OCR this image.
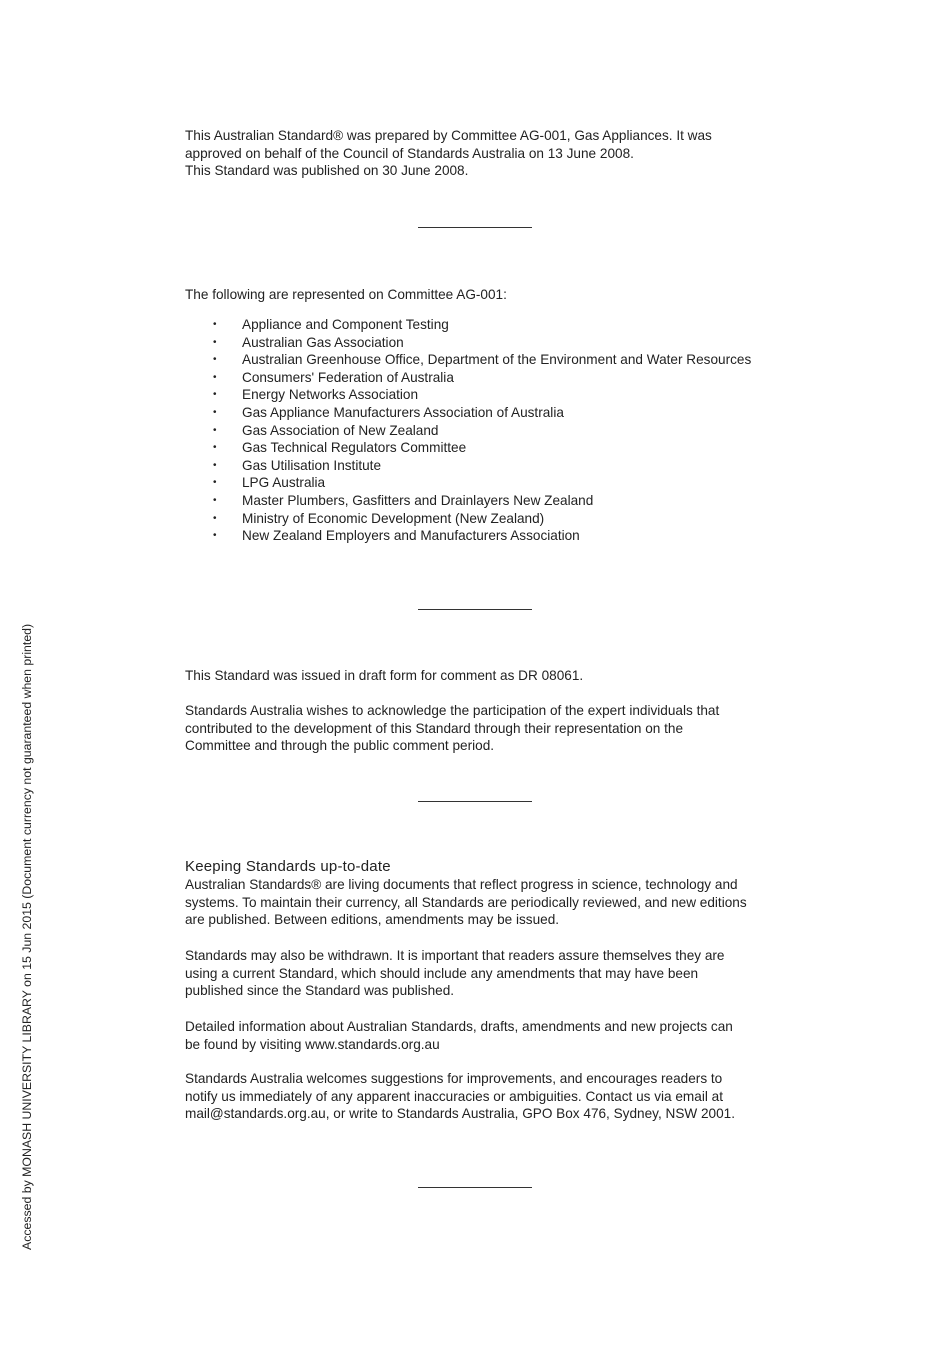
This Australian Standard® was prepared by Committee AG-001, Gas Appliances. It was

approved on behalf of the Council of Standards Australia on 13 June 2008.

This Standard was published on 30 June 2008.

The following are represented on Committee AG-001:

• Appliance and Component Testing
• Australian Gas Association
• Australian Greenhouse Office, Department of the Environment and Water Resources
• Consumers' Federation of Australia
• Energy Networks Association
• Gas Appliance Manufacturers Association of Australia
• Gas Association of New Zealand
• Gas Technical Regulators Committee
• Gas Utilisation Institute
• LPG Australia
• Master Plumbers, Gasfitters and Drainlayers New Zealand
• Ministry of Economic Development (New Zealand)
• New Zealand Employers and Manufacturers Association

This Standard was issued in draft form for comment as DR 08061.

Standards Australia wishes to acknowledge the participation of the expert individuals that

contributed to the development of this Standard through their representation on the

Committee and through the public comment period.

Keeping Standards up-to-date

Australian Standards® are living documents that reflect progress in science, technology and

systems. To maintain their currency, all Standards are periodically reviewed, and new editions

are published. Between editions, amendments may be issued.

Standards may also be withdrawn. It is important that readers assure themselves they are

using a current Standard, which should include any amendments that may have been

published since the Standard was published.

Detailed information about Australian Standards, drafts, amendments and new projects can

be found by visiting www.standards.org.au

Standards Australia welcomes suggestions for improvements, and encourages readers to

notify us immediately of any apparent inaccuracies or ambiguities. Contact us via email at

mail@standards.org.au, or write to Standards Australia, GPO Box 476, Sydney, NSW 2001.

Accessed by MONASH UNIVERSITY LIBRARY on 15 Jun 2015 (Document currency not guaranteed when printed)
